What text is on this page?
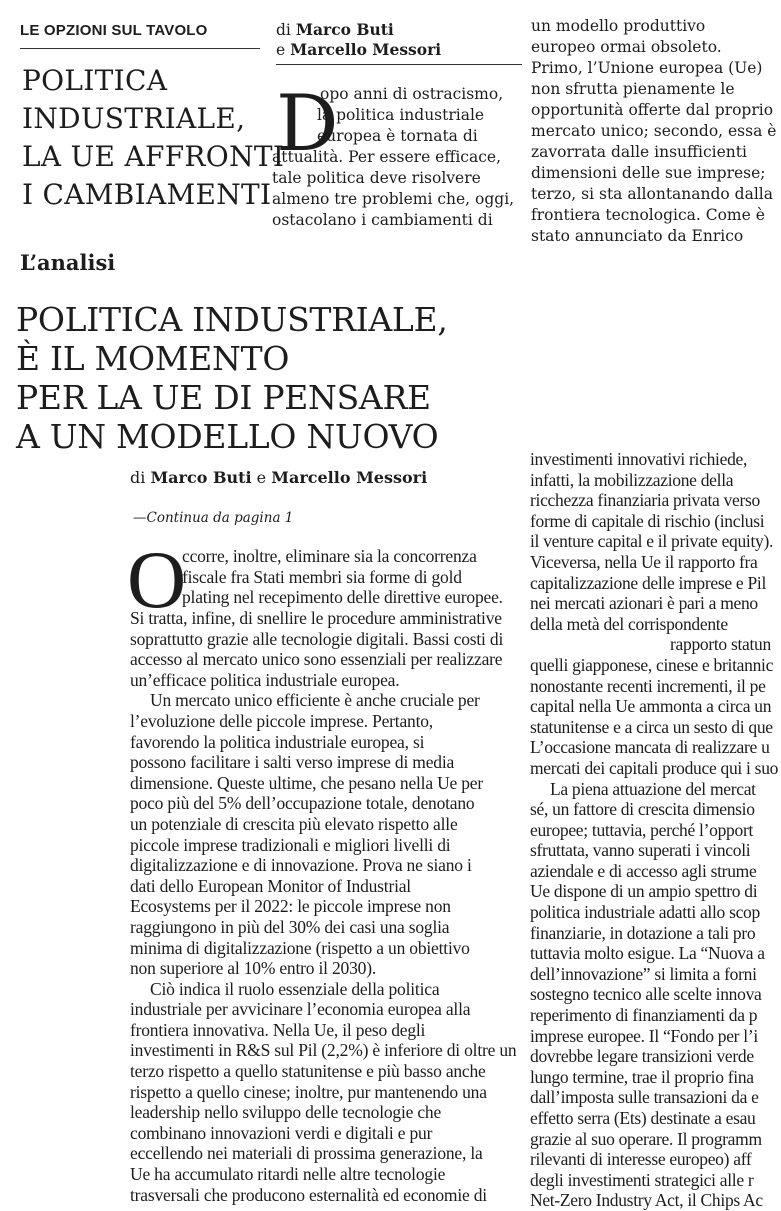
LE OPZIONI SUL TAVOLO	di Marco Buti
e Marcello Messori
POLITICA
INDUSTRIALE,
LA UE AFFRONTI
I CAMBIAMENTI
D
opo anni di ostracismo,
la politica industriale
europea è tornata di
attualità. Per essere efficace,
tale politica deve risolvere
almeno tre problemi che, oggi,
ostacolano i cambiamenti di
un modello produttivo
europeo ormai obsoleto.
Primo, l’Unione europea (Ue)
non sfrutta pienamente le
opportunità offerte dal proprio
mercato unico; secondo, essa è
zavorrata dalle insufficienti
dimensioni delle sue imprese;
terzo, si sta allontanando dalla
frontiera tecnologica. Come è
stato annunciato da Enrico
L’analisi
POLITICA INDUSTRIALE,
È IL MOMENTO
PER LA UE DI PENSARE
A UN MODELLO NUOVO
di Marco Buti e Marcello Messori
—Continua da pagina 1
O
ccorre, inoltre, eliminare sia la concorrenza
fiscale fra Stati membri sia forme di gold
plating nel recepimento delle direttive europee.
Si tratta, infine, di snellire le procedure amministrative
soprattutto grazie alle tecnologie digitali. Bassi costi di
accesso al mercato unico sono essenziali per realizzare
un’efficace politica industriale europea.
Un mercato unico efficiente è anche cruciale per
l’evoluzione delle piccole imprese. Pertanto,
favorendo la politica industriale europea, si
possono facilitare i salti verso imprese di media
dimensione. Queste ultime, che pesano nella Ue per
poco più del 5% dell’occupazione totale, denotano
un potenziale di crescita più elevato rispetto alle
piccole imprese tradizionali e migliori livelli di
digitalizzazione e di innovazione. Prova ne siano i
dati dello European Monitor of Industrial
Ecosystems per il 2022: le piccole imprese non
raggiungono in più del 30% dei casi una soglia
minima di digitalizzazione (rispetto a un obiettivo
non superiore al 10% entro il 2030).
Ciò indica il ruolo essenziale della politica
industriale per avvicinare l’economia europea alla
frontiera innovativa. Nella Ue, il peso degli
investimenti in R&S sul Pil (2,2%) è inferiore di oltre un
terzo rispetto a quello statunitense e più basso anche
rispetto a quello cinese; inoltre, pur mantenendo una
leadership nello sviluppo delle tecnologie che
combinano innovazioni verdi e digitali e pur
eccellendo nei materiali di prossima generazione, la
Ue ha accumulato ritardi nelle altre tecnologie
trasversali che producono esternalità ed economie di
investimenti innovativi richiede,
infatti, la mobilizzazione della
ricchezza finanziaria privata verso
forme di capitale di rischio (inclusi
il venture capital e il private equity).
Viceversa, nella Ue il rapporto fra
capitalizzazione delle imprese e Pil
nei mercati azionari è pari a meno
della metà del corrispondente
rapporto statun
quelli giapponese, cinese e britannic
nonostante recenti incrementi, il pe
capital nella Ue ammonta a circa un
statunitense e a circa un sesto di que
L’occasione mancata di realizzare u
mercati dei capitali produce qui i suo
La piena attuazione del mercat
sé, un fattore di crescita dimensio
europee; tuttavia, perché l’opport
sfruttata, vanno superati i vincoli
aziendale e di accesso agli strume
Ue dispone di un ampio spettro di
politica industriale adatti allo scop
finanziarie, in dotazione a tali pro
tuttavia molto esigue. La “Nuova a
dell’innovazione” si limita a forni
sostegno tecnico alle scelte innova
reperimento di finanziamenti da p
imprese europee. Il “Fondo per l’i
dovrebbe legare transizioni verde
lungo termine, trae il proprio fina
dall’imposta sulle transazioni da e
effetto serra (Ets) destinate a esau
grazie al suo operare. Il programm
rilevanti di interesse europeo) aff
degli investimenti strategici alle r
Net-Zero Industry Act, il Chips Ac
